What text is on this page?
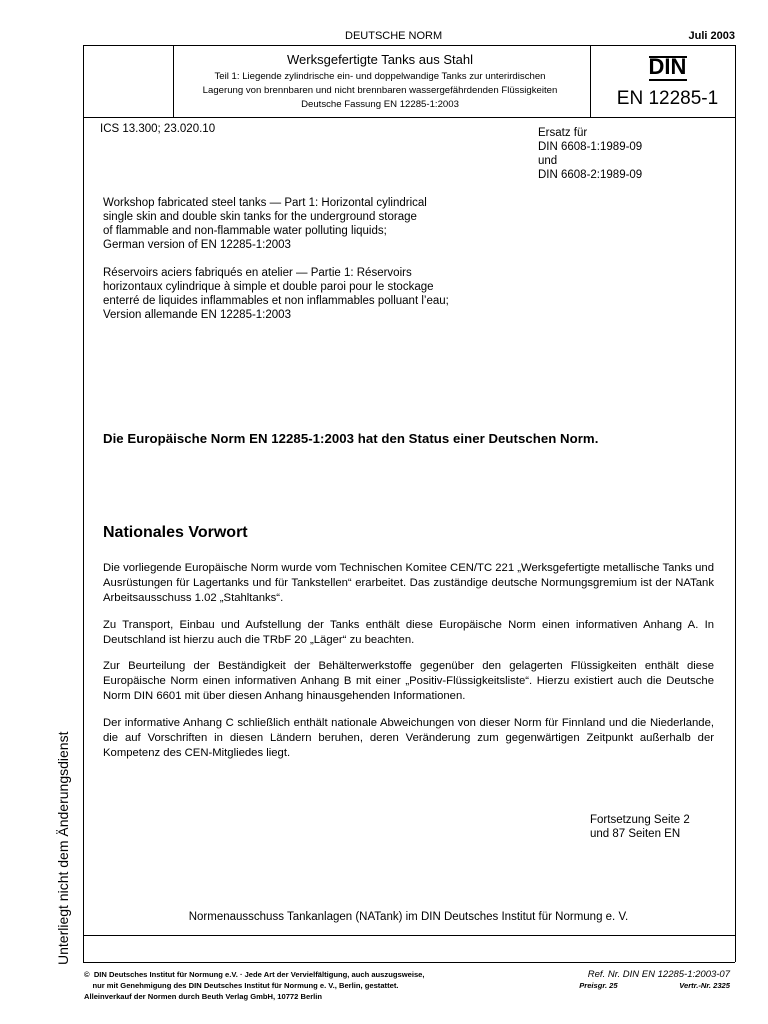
DEUTSCHE NORM	Juli 2003
Werksgefertigte Tanks aus Stahl
Teil 1: Liegende zylindrische ein- und doppelwandige Tanks zur unterirdischen
Lagerung von brennbaren und nicht brennbaren wassergefährdenden Flüssigkeiten
Deutsche Fassung EN 12285-1:2003
DIN
EN 12285-1
ICS 13.300; 23.020.10	Ersatz für
DIN 6608-1:1989-09
und
DIN 6608-2:1989-09
Workshop fabricated steel tanks — Part 1: Horizontal cylindrical
single skin and double skin tanks for the underground storage
of flammable and non-flammable water polluting liquids;
German version of EN 12285-1:2003
Réservoirs aciers fabriqués en atelier — Partie 1: Réservoirs
horizontaux cylindrique à simple et double paroi pour le stockage
enterré de liquides inflammables et non inflammables polluant l’eau;
Version allemande EN 12285-1:2003
Die Europäische Norm EN 12285-1:2003 hat den Status einer Deutschen Norm.
Nationales Vorwort
Die vorliegende Europäische Norm wurde vom Technischen Komitee CEN/TC 221 „Werksgefertigte metallische Tanks und Ausrüstungen für Lagertanks und für Tankstellen“ erarbeitet. Das zuständige deutsche Normungsgremium ist der NATank Arbeitsausschuss 1.02 „Stahltanks“.
Zu Transport, Einbau und Aufstellung der Tanks enthält diese Europäische Norm einen informativen Anhang A. In Deutschland ist hierzu auch die TRbF 20 „Läger“ zu beachten.
Zur Beurteilung der Beständigkeit der Behälterwerkstoffe gegenüber den gelagerten Flüssigkeiten enthält diese Europäische Norm einen informativen Anhang B mit einer „Positiv-Flüssigkeitsliste“. Hierzu existiert auch die Deutsche Norm DIN 6601 mit über diesen Anhang hinausgehenden Informationen.
Der informative Anhang C schließlich enthält nationale Abweichungen von dieser Norm für Finnland und die Niederlande, die auf Vorschriften in diesen Ländern beruhen, deren Veränderung zum gegenwärtigen Zeitpunkt außerhalb der Kompetenz des CEN-Mitgliedes liegt.
Fortsetzung Seite 2
und 87 Seiten EN
Normenausschuss Tankanlagen (NATank) im DIN Deutsches Institut für Normung e. V.
Unterliegt nicht dem Änderungsdienst
©  DIN Deutsches Institut für Normung e.V. · Jede Art der Vervielfältigung, auch auszugsweise,
nur mit Genehmigung des DIN Deutsches Institut für Normung e. V., Berlin, gestattet.
Alleinverkauf der Normen durch Beuth Verlag GmbH, 10772 Berlin
Ref. Nr. DIN EN 12285-1:2003-07
Preisgr. 25	Vertr.-Nr. 2325
